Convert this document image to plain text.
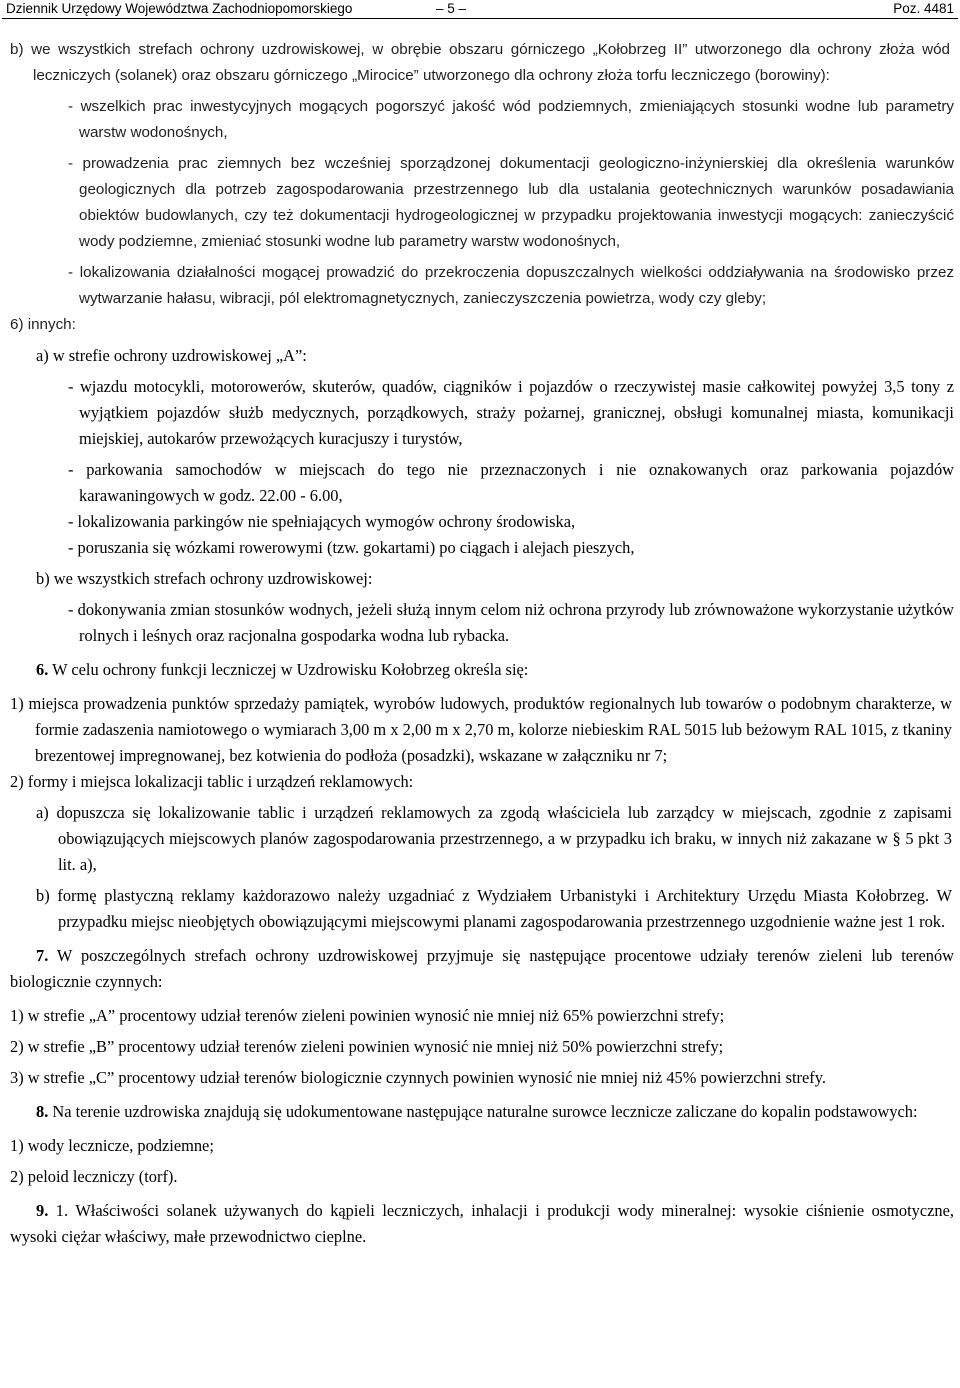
Dziennik Urzędowy Województwa Zachodniopomorskiego	– 5 –	Poz. 4481

b) we wszystkich strefach ochrony uzdrowiskowej, w obrębie obszaru górniczego „Kołobrzeg II” utworzonego dla ochrony złoża wód leczniczych (solanek) oraz obszaru górniczego „Mirocice” utworzonego dla ochrony złoża torfu leczniczego (borowiny):

- wszelkich prac inwestycyjnych mogących pogorszyć jakość wód podziemnych, zmieniających stosunki wodne lub parametry warstw wodonośnych,

- prowadzenia prac ziemnych bez wcześniej sporządzonej dokumentacji geologiczno-inżynierskiej dla określenia warunków geologicznych dla potrzeb zagospodarowania przestrzennego lub dla ustalania geotechnicznych warunków posadawiania obiektów budowlanych, czy też dokumentacji hydrogeologicznej w przypadku projektowania inwestycji mogących: zanieczyścić wody podziemne, zmieniać stosunki wodne lub parametry warstw wodonośnych,

- lokalizowania działalności mogącej prowadzić do przekroczenia dopuszczalnych wielkości oddziaływania na środowisko przez wytwarzanie hałasu, wibracji, pól elektromagnetycznych, zanieczyszczenia powietrza, wody czy gleby;

6) innych:

a) w strefie ochrony uzdrowiskowej „A”:

- wjazdu motocykli, motorowerów, skuterów, quadów, ciągników i pojazdów o rzeczywistej masie całkowitej powyżej 3,5 tony z wyjątkiem pojazdów służb medycznych, porządkowych, straży pożarnej, granicznej, obsługi komunalnej miasta, komunikacji miejskiej, autokarów przewożących kuracjuszy i turystów,

- parkowania samochodów w miejscach do tego nie przeznaczonych i nie oznakowanych oraz parkowania pojazdów karawaningowych w godz. 22.00 - 6.00,

- lokalizowania parkingów nie spełniających wymogów ochrony środowiska,

- poruszania się wózkami rowerowymi (tzw. gokartami) po ciągach i alejach pieszych,

b) we wszystkich strefach ochrony uzdrowiskowej:

- dokonywania zmian stosunków wodnych, jeżeli służą innym celom niż ochrona przyrody lub zrównoważone wykorzystanie użytków rolnych i leśnych oraz racjonalna gospodarka wodna lub rybacka.

6. W celu ochrony funkcji leczniczej w Uzdrowisku Kołobrzeg określa się:

1) miejsca prowadzenia punktów sprzedaży pamiątek, wyrobów ludowych, produktów regionalnych lub towarów o podobnym charakterze, w formie zadaszenia namiotowego o wymiarach 3,00 m x 2,00 m x 2,70 m, kolorze niebieskim RAL 5015 lub beżowym RAL 1015, z tkaniny brezentowej impregnowanej, bez kotwienia do podłoża (posadzki), wskazane w załączniku nr 7;

2) formy i miejsca lokalizacji tablic i urządzeń reklamowych:

a) dopuszcza się lokalizowanie tablic i urządzeń reklamowych za zgodą właściciela lub zarządcy w miejscach, zgodnie z zapisami obowiązujących miejscowych planów zagospodarowania przestrzennego, a w przypadku ich braku, w innych niż zakazane w § 5 pkt 3 lit. a),

b) formę plastyczną reklamy każdorazowo należy uzgadniać z Wydziałem Urbanistyki i Architektury Urzędu Miasta Kołobrzeg. W przypadku miejsc nieobjętych obowiązującymi miejscowymi planami zagospodarowania przestrzennego uzgodnienie ważne jest 1 rok.

7. W poszczególnych strefach ochrony uzdrowiskowej przyjmuje się następujące procentowe udziały terenów zieleni lub terenów biologicznie czynnych:

1) w strefie „A” procentowy udział terenów zieleni powinien wynosić nie mniej niż 65% powierzchni strefy;

2) w strefie „B” procentowy udział terenów zieleni powinien wynosić nie mniej niż 50% powierzchni strefy;

3) w strefie „C” procentowy udział terenów biologicznie czynnych powinien wynosić nie mniej niż 45% powierzchni strefy.

8. Na terenie uzdrowiska znajdują się udokumentowane następujące naturalne surowce lecznicze zaliczane do kopalin podstawowych:

1) wody lecznicze, podziemne;

2) peloid leczniczy (torf).

9. 1. Właściwości solanek używanych do kąpieli leczniczych, inhalacji i produkcji wody mineralnej: wysokie ciśnienie osmotyczne, wysoki ciężar właściwy, małe przewodnictwo cieplne.
